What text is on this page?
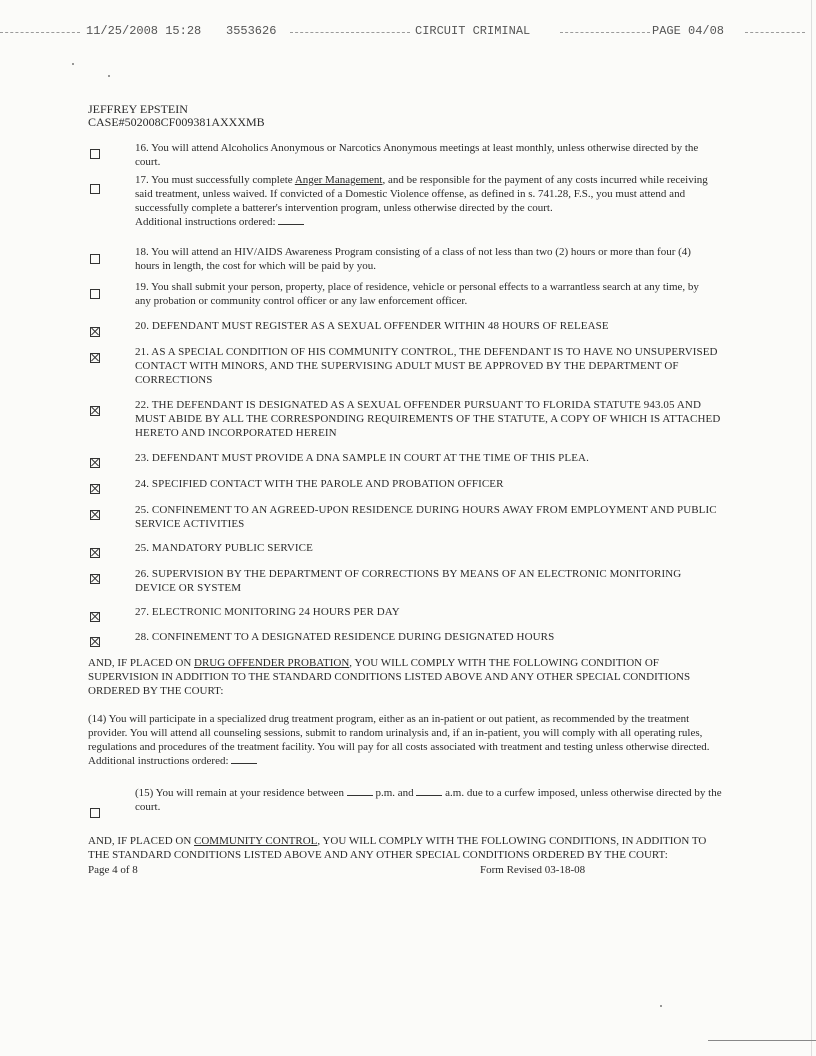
11/25/2008 15:28 3553626	CIRCUIT CRIMINAL	PAGE 04/08
JEFFREY EPSTEIN
CASE#502008CF009381AXXXMB
16. You will attend Alcoholics Anonymous or Narcotics Anonymous meetings at least monthly, unless otherwise directed by the court.
17. You must successfully complete Anger Management, and be responsible for the payment of any costs incurred while receiving said treatment, unless waived. If convicted of a Domestic Violence offense, as defined in s. 741.28, F.S., you must attend and successfully complete a batterer's intervention program, unless otherwise directed by the court.
Additional instructions ordered:
18. You will attend an HIV/AIDS Awareness Program consisting of a class of not less than two (2) hours or more than four (4) hours in length, the cost for which will be paid by you.
19. You shall submit your person, property, place of residence, vehicle or personal effects to a warrantless search at any time, by any probation or community control officer or any law enforcement officer.
20. DEFENDANT MUST REGISTER AS A SEXUAL OFFENDER WITHIN 48 HOURS OF RELEASE
21. AS A SPECIAL CONDITION OF HIS COMMUNITY CONTROL, THE DEFENDANT IS TO HAVE NO UNSUPERVISED CONTACT WITH MINORS, AND THE SUPERVISING ADULT MUST BE APPROVED BY THE DEPARTMENT OF CORRECTIONS
22. THE DEFENDANT IS DESIGNATED AS A SEXUAL OFFENDER PURSUANT TO FLORIDA STATUTE 943.05 AND MUST ABIDE BY ALL THE CORRESPONDING REQUIREMENTS OF THE STATUTE, A COPY OF WHICH IS ATTACHED HERETO AND INCORPORATED HEREIN
23. DEFENDANT MUST PROVIDE A DNA SAMPLE IN COURT AT THE TIME OF THIS PLEA.
24. SPECIFIED CONTACT WITH THE PAROLE AND PROBATION OFFICER
25. CONFINEMENT TO AN AGREED-UPON RESIDENCE DURING HOURS AWAY FROM EMPLOYMENT AND PUBLIC SERVICE ACTIVITIES
25. MANDATORY PUBLIC SERVICE
26. SUPERVISION BY THE DEPARTMENT OF CORRECTIONS BY MEANS OF AN ELECTRONIC MONITORING DEVICE OR SYSTEM
27. ELECTRONIC MONITORING 24 HOURS PER DAY
28. CONFINEMENT TO A DESIGNATED RESIDENCE DURING DESIGNATED HOURS
AND, IF PLACED ON DRUG OFFENDER PROBATION, YOU WILL COMPLY WITH THE FOLLOWING CONDITION OF SUPERVISION IN ADDITION TO THE STANDARD CONDITIONS LISTED ABOVE AND ANY OTHER SPECIAL CONDITIONS ORDERED BY THE COURT:
(14) You will participate in a specialized drug treatment program, either as an in-patient or out patient, as recommended by the treatment provider. You will attend all counseling sessions, submit to random urinalysis and, if an in-patient, you will comply with all operating rules, regulations and procedures of the treatment facility. You will pay for all costs associated with treatment and testing unless otherwise directed.
Additional instructions ordered:
(15) You will remain at your residence between	p.m. and	a.m. due to a curfew imposed, unless otherwise directed by the court.
AND, IF PLACED ON COMMUNITY CONTROL, YOU WILL COMPLY WITH THE FOLLOWING CONDITIONS, IN ADDITION TO THE STANDARD CONDITIONS LISTED ABOVE AND ANY OTHER SPECIAL CONDITIONS ORDERED BY THE COURT:
Page 4 of 8	Form Revised 03-18-08
